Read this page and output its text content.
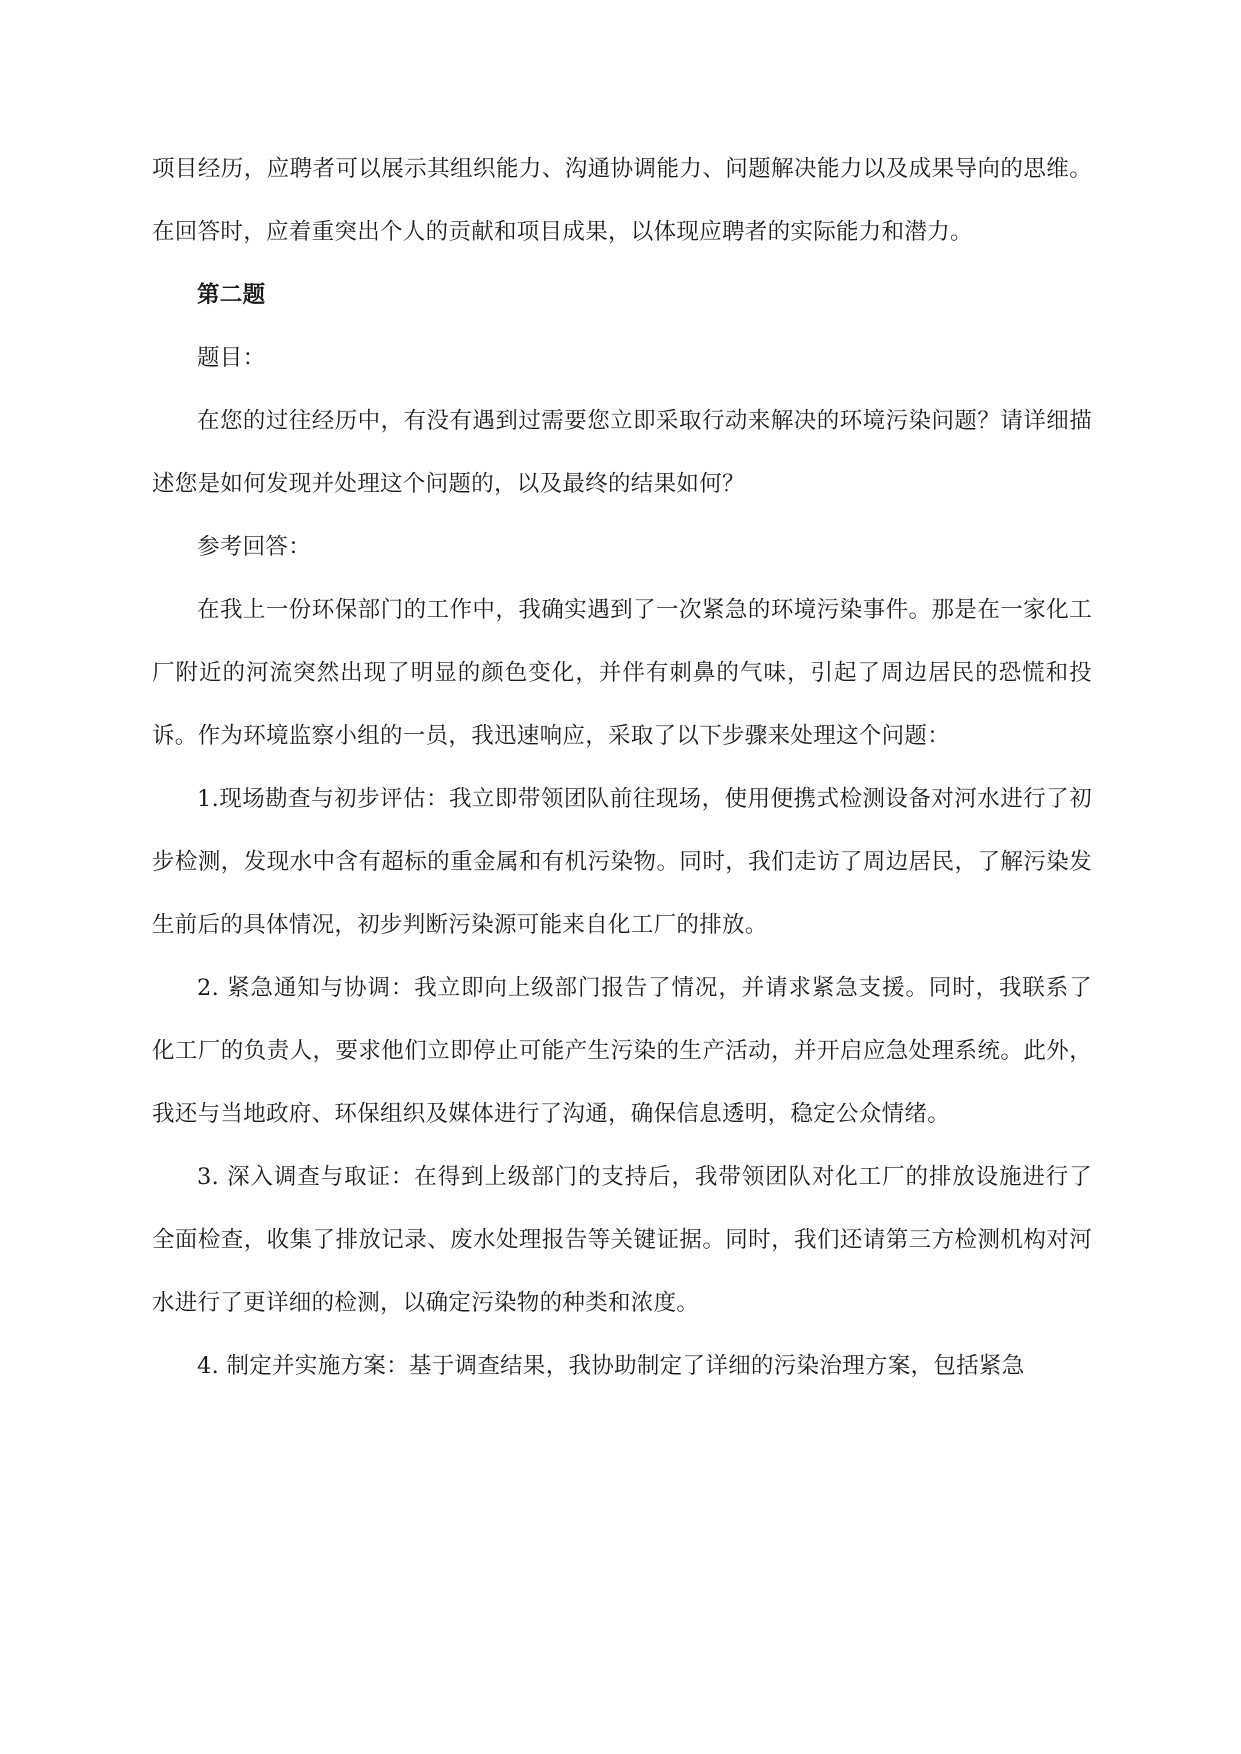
项目经历，应聘者可以展示其组织能力、沟通协调能力、问题解决能力以及成果导向的思维。在回答时，应着重突出个人的贡献和项目成果，以体现应聘者的实际能力和潜力。

第二题

题目：

在您的过往经历中，有没有遇到过需要您立即采取行动来解决的环境污染问题？请详细描述您是如何发现并处理这个问题的，以及最终的结果如何？

参考回答：

在我上一份环保部门的工作中，我确实遇到了一次紧急的环境污染事件。那是在一家化工厂附近的河流突然出现了明显的颜色变化，并伴有刺鼻的气味，引起了周边居民的恐慌和投诉。作为环境监察小组的一员，我迅速响应，采取了以下步骤来处理这个问题：

1.现场勘查与初步评估：我立即带领团队前往现场，使用便携式检测设备对河水进行了初步检测，发现水中含有超标的重金属和有机污染物。同时，我们走访了周边居民，了解污染发生前后的具体情况，初步判断污染源可能来自化工厂的排放。

2. 紧急通知与协调：我立即向上级部门报告了情况，并请求紧急支援。同时，我联系了化工厂的负责人，要求他们立即停止可能产生污染的生产活动，并开启应急处理系统。此外，我还与当地政府、环保组织及媒体进行了沟通，确保信息透明，稳定公众情绪。

3. 深入调查与取证：在得到上级部门的支持后，我带领团队对化工厂的排放设施进行了全面检查，收集了排放记录、废水处理报告等关键证据。同时，我们还请第三方检测机构对河水进行了更详细的检测，以确定污染物的种类和浓度。

4. 制定并实施方案：基于调查结果，我协助制定了详细的污染治理方案，包括紧急
